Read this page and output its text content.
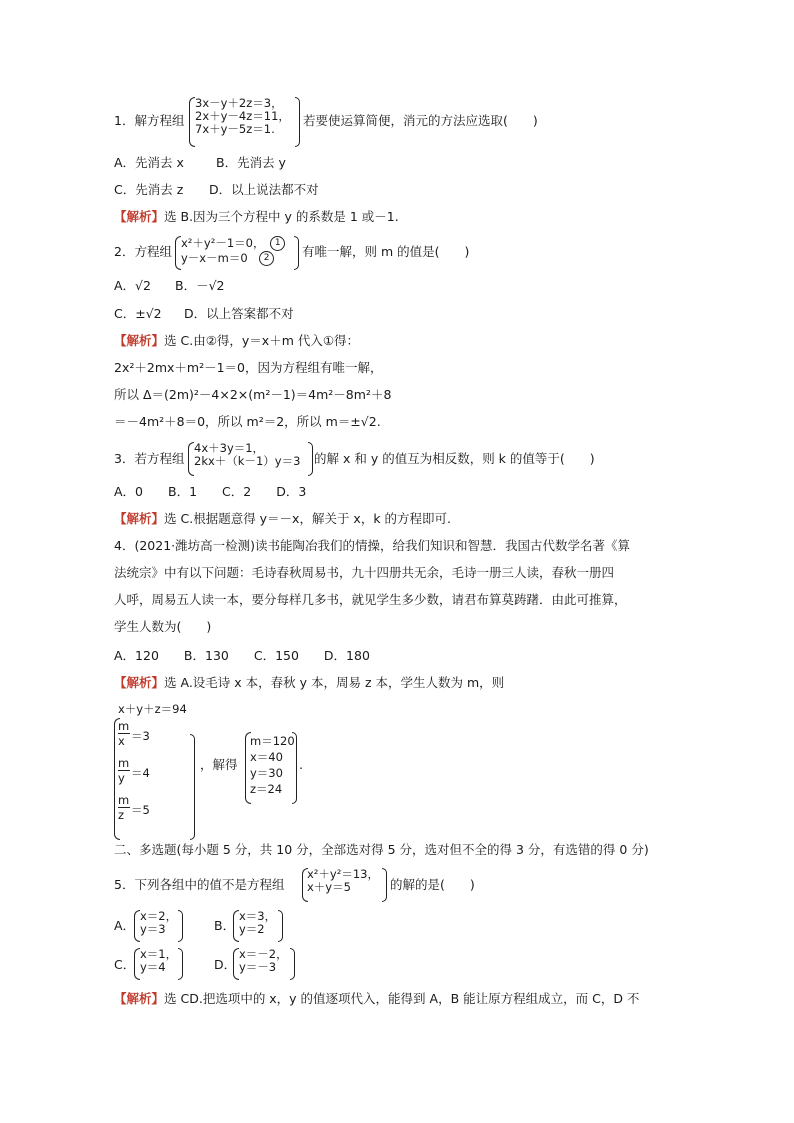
1．解方程组
3x－y＋2z＝3，
2x＋y－4z＝11，
7x＋y－5z＝1.
若要使运算简便，消元的方法应选取(　　)
A．先消去 x	B．先消去 y
C．先消去 z D．以上说法都不对
【解析】选 B.因为三个方程中 y 的系数是 1 或－1.
2．方程组
x²＋y²－1＝0，　 1
y－x－m＝0　 2	有唯一解，则 m 的值是(　　)
A．√2 B．－√2
C．±√2 D．以上答案都不对
【解析】选 C.由②得，y＝x＋m 代入①得：
2x²＋2mx＋m²－1＝0，因为方程组有唯一解，
所以 Δ＝(2m)²－4×2×(m²－1)＝4m²－8m²＋8
＝－4m²＋8＝0，所以 m²＝2，所以 m＝±√2.
3．若方程组
4x＋3y＝1，
2kx＋（k－1）y＝3 的解 x 和 y 的值互为相反数，则 k 的值等于(　　)
A．0　　B．1　　C．2　　D．3
【解析】选 C.根据题意得 y＝－x，解关于 x，k 的方程即可.
4．(2021·潍坊高一检测)读书能陶冶我们的情操，给我们知识和智慧．我国古代数学名著《算
法统宗》中有以下问题：毛诗春秋周易书，九十四册共无余，毛诗一册三人读，春秋一册四
人呼，周易五人读一本，要分每样几多书，就见学生多少数，请君布算莫踌躇．由此可推算，
学生人数为(　　)
A．120　　B．130　　C．150　　D．180
【解析】选 A.设毛诗 x 本，春秋 y 本，周易 z 本，学生人数为 m，则
x＋y＋z＝94
m
x ＝3
m
y ＝4
m
z ＝5
，解得
m＝120
x＝40
y＝30
z＝24
.
二、多选题(每小题 5 分，共 10 分，全部选对得 5 分，选对但不全的得 3 分，有选错的得 0 分)
5．下列各组中的值不是方程组
x²＋y²＝13，
x＋y＝5	的解的是(　　)
A．
x＝2，
y＝3	B．
x＝3，
y＝2
C．
x＝1，
y＝4	D．
x＝－2，
y＝－3
【解析】选 CD.把选项中的 x，y 的值逐项代入，能得到 A，B 能让原方程组成立，而 C，D 不
